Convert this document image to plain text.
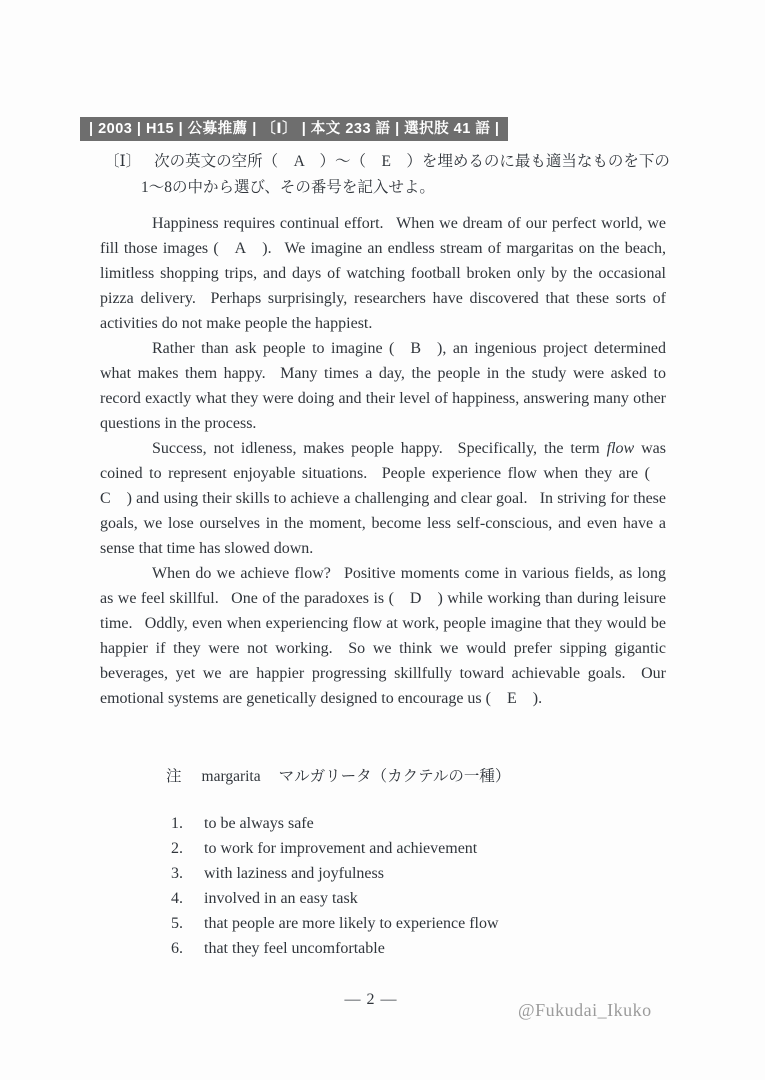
| 2003 | H15 | 公募推薦 | 〔Ⅰ〕 | 本文 233 語 | 選択肢 41 語 |
〔Ⅰ〕 次の英文の空所（　A　）～（　E　）を埋めるのに最も適当なものを下の
1～8の中から選び、その番号を記入せよ。

Happiness requires continual effort.  When we dream of our perfect world, we fill those images (  A  ).  We imagine an endless stream of margaritas on the beach, limitless shopping trips, and days of watching football broken only by the occasional pizza delivery.  Perhaps surprisingly, researchers have discovered that these sorts of activities do not make people the happiest.

Rather than ask people to imagine (  B  ), an ingenious project determined what makes them happy.  Many times a day, the people in the study were asked to record exactly what they were doing and their level of happiness, answering many other questions in the process.

Success, not idleness, makes people happy.  Specifically, the term flow was coined to represent enjoyable situations.  People experience flow when they are (  C  ) and using their skills to achieve a challenging and clear goal.  In striving for these goals, we lose ourselves in the moment, become less self-conscious, and even have a sense that time has slowed down.

When do we achieve flow?  Positive moments come in various fields, as long as we feel skillful.  One of the paradoxes is (  D  ) while working than during leisure time.  Oddly, even when experiencing flow at work, people imagine that they would be happier if they were not working.  So we think we would prefer sipping gigantic beverages, yet we are happier progressing skillfully toward achievable goals.  Our emotional systems are genetically designed to encourage us (  E  ).

注 margarita マルガリータ（カクテルの一種）
1.	to be always safe
2.	to work for improvement and achievement
3.	with laziness and joyfulness
4.	involved in an easy task
5.	that people are more likely to experience flow
6.	that they feel uncomfortable
— 2 —
@Fukudai_Ikuko
